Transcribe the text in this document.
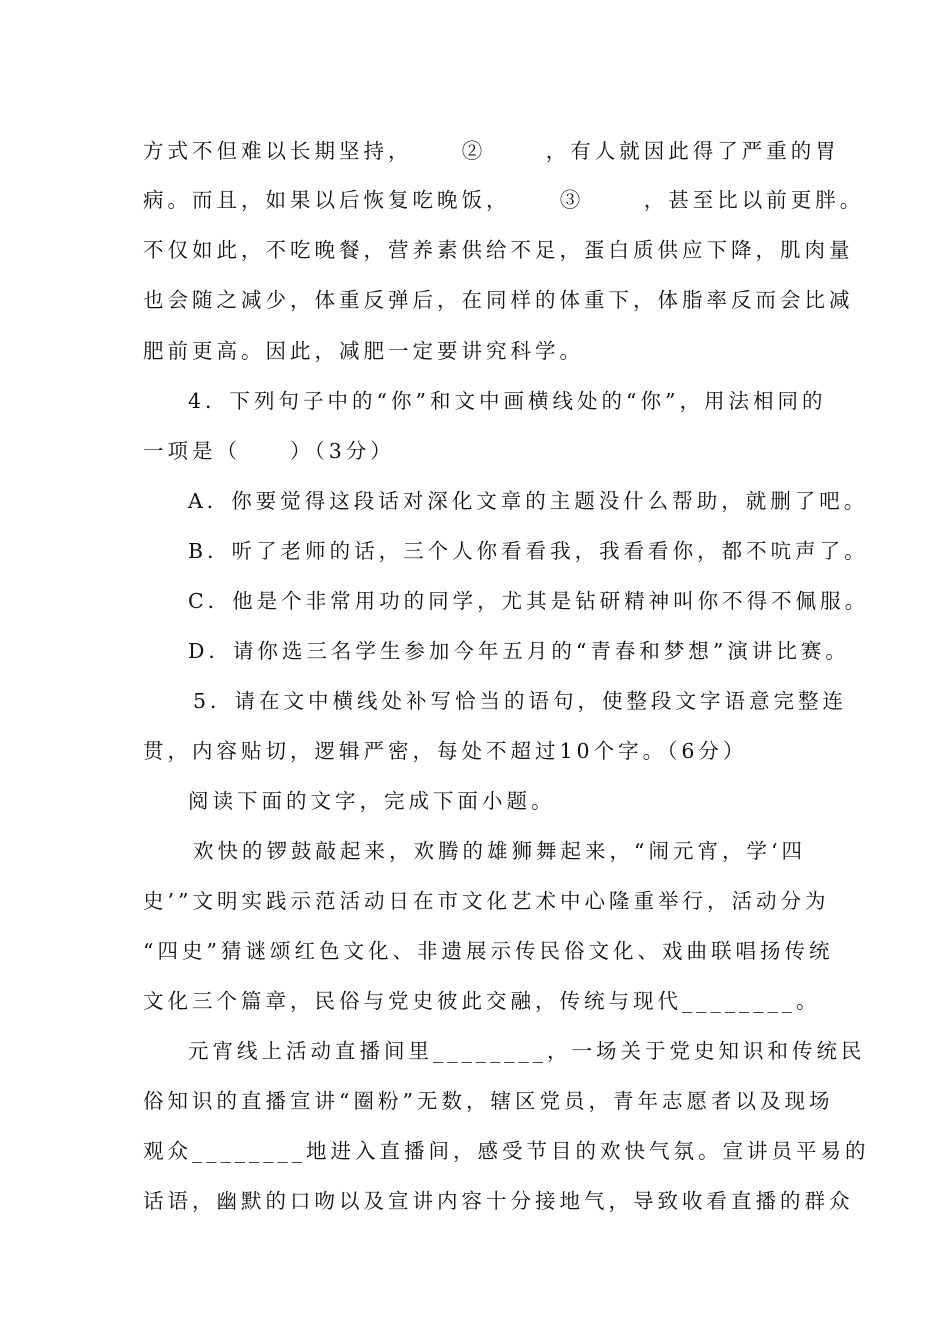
方式不但难以长期坚持，　　 ②　　 ，有人就因此得了严重的胃
病。而且，如果以后恢复吃晚饭，　　 ③　　 ，甚至比以前更胖。
不仅如此，不吃晚餐，营养素供给不足，蛋白质供应下降，肌肉量
也会随之减少，体重反弹后，在同样的体重下，体脂率反而会比减
肥前更高。因此，减肥一定要讲究科学。
4．下列句子中的“你”和文中画横线处的“你”，用法相同的
一项是（　　）（3分）
A．你要觉得这段话对深化文章的主题没什么帮助，就删了吧。
B．听了老师的话，三个人你看看我，我看看你，都不吭声了。
C．他是个非常用功的同学，尤其是钻研精神叫你不得不佩服。
D．请你选三名学生参加今年五月的“青春和梦想”演讲比赛。
5．请在文中横线处补写恰当的语句，使整段文字语意完整连
贯，内容贴切，逻辑严密，每处不超过10个字。（6分）
阅读下面的文字，完成下面小题。
欢快的锣鼓敲起来，欢腾的雄狮舞起来，“闹元宵，学‘四
史’”文明实践示范活动日在市文化艺术中心隆重举行，活动分为
“四史”猜谜颂红色文化、非遗展示传民俗文化、戏曲联唱扬传统
文化三个篇章，民俗与党史彼此交融，传统与现代________。
元宵线上活动直播间里________，一场关于党史知识和传统民
俗知识的直播宣讲“圈粉”无数，辖区党员，青年志愿者以及现场
观众________地进入直播间，感受节目的欢快气氛。宣讲员平易的
话语，幽默的口吻以及宣讲内容十分接地气，导致收看直播的群众
